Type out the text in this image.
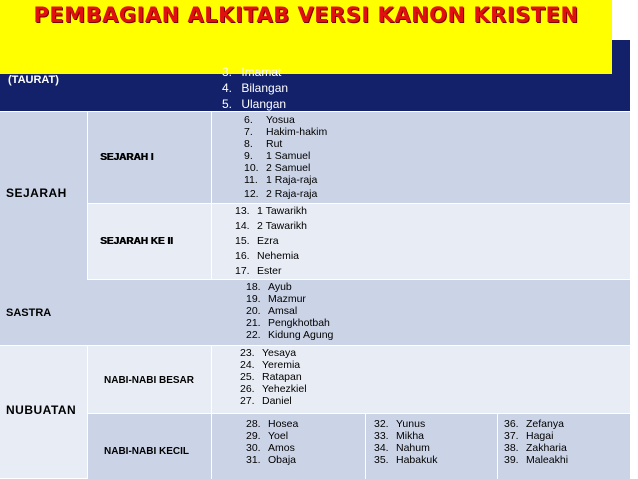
PEMBAGIAN ALKITAB VERSI KANON KRISTEN
(TAURAT)
3. Imamat
4. Bilangan
5. Ulangan
SEJARAH
SEJARAH I
6.	Yosua
7.	Hakim-hakim
8.	Rut
9.	1 Samuel
10. 2 Samuel
11. 1 Raja-raja
12. 2 Raja-raja
SEJARAH KE II
13. 1 Tawarikh
14. 2 Tawarikh
15. Ezra
16. Nehemia
17. Ester
SASTRA
18. Ayub
19. Mazmur
20. Amsal
21. Pengkhotbah
22. Kidung Agung
NUBUATAN
NABI-NABI BESAR
23. Yesaya
24. Yeremia
25. Ratapan
26. Yehezkiel
27. Daniel
NABI-NABI KECIL
28. Hosea
29. Yoel
30. Amos
31. Obaja
32. Yunus
33. Mikha
34. Nahum
35. Habakuk
36. Zefanya
37. Hagai
38. Zakharia
39. Maleakhi
